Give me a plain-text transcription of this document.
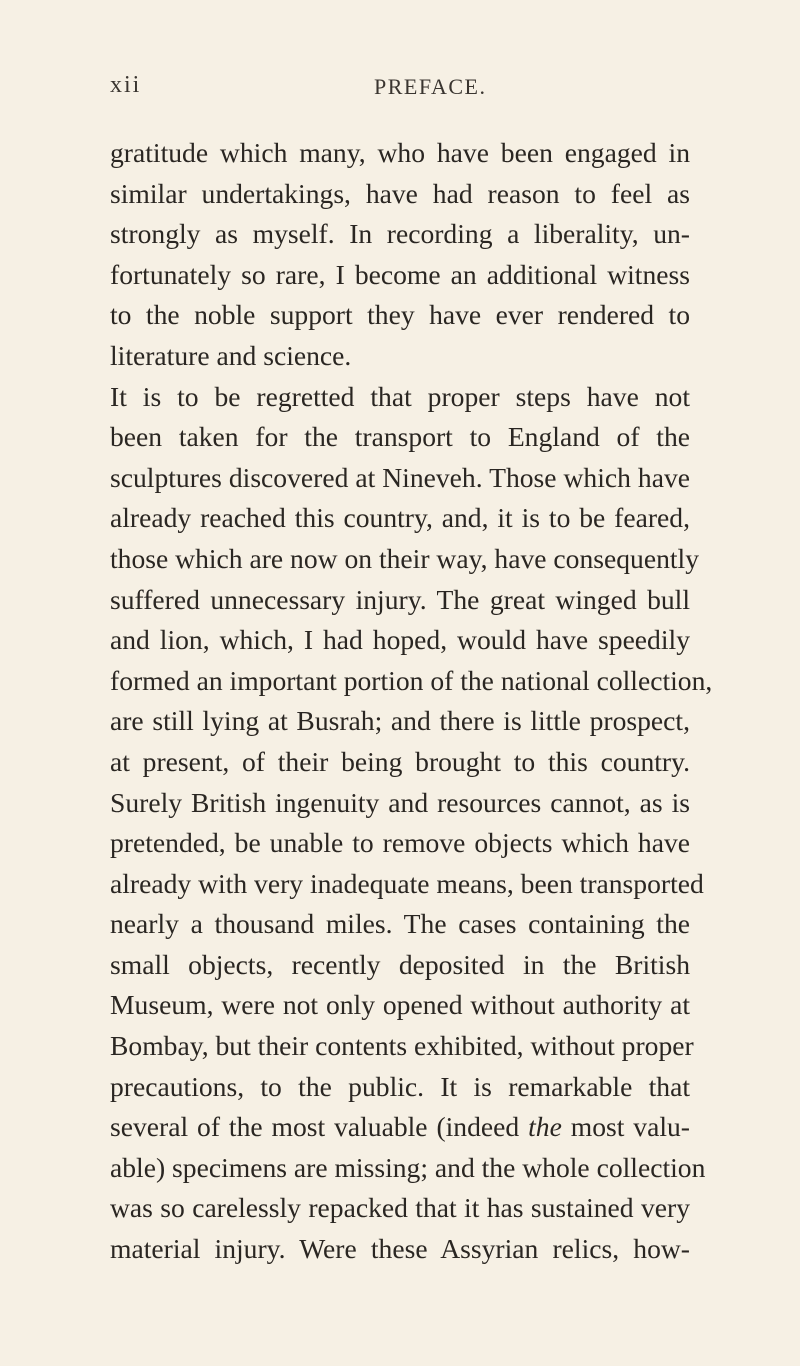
xii	PREFACE.
gratitude which many, who have been engaged in
similar undertakings, have had reason to feel as
strongly as myself. In recording a liberality, un-
fortunately so rare, I become an additional witness
to the noble support they have ever rendered to
literature and science.
It is to be regretted that proper steps have not
been taken for the transport to England of the
sculptures discovered at Nineveh. Those which have
already reached this country, and, it is to be feared,
those which are now on their way, have consequently
suffered unnecessary injury. The great winged bull
and lion, which, I had hoped, would have speedily
formed an important portion of the national collection,
are still lying at Busrah; and there is little prospect,
at present, of their being brought to this country.
Surely British ingenuity and resources cannot, as is
pretended, be unable to remove objects which have
already with very inadequate means, been transported
nearly a thousand miles. The cases containing the
small objects, recently deposited in the British
Museum, were not only opened without authority at
Bombay, but their contents exhibited, without proper
precautions, to the public. It is remarkable that
several of the most valuable (indeed the most valu-
able) specimens are missing; and the whole collection
was so carelessly repacked that it has sustained very
material injury. Were these Assyrian relics, how-
